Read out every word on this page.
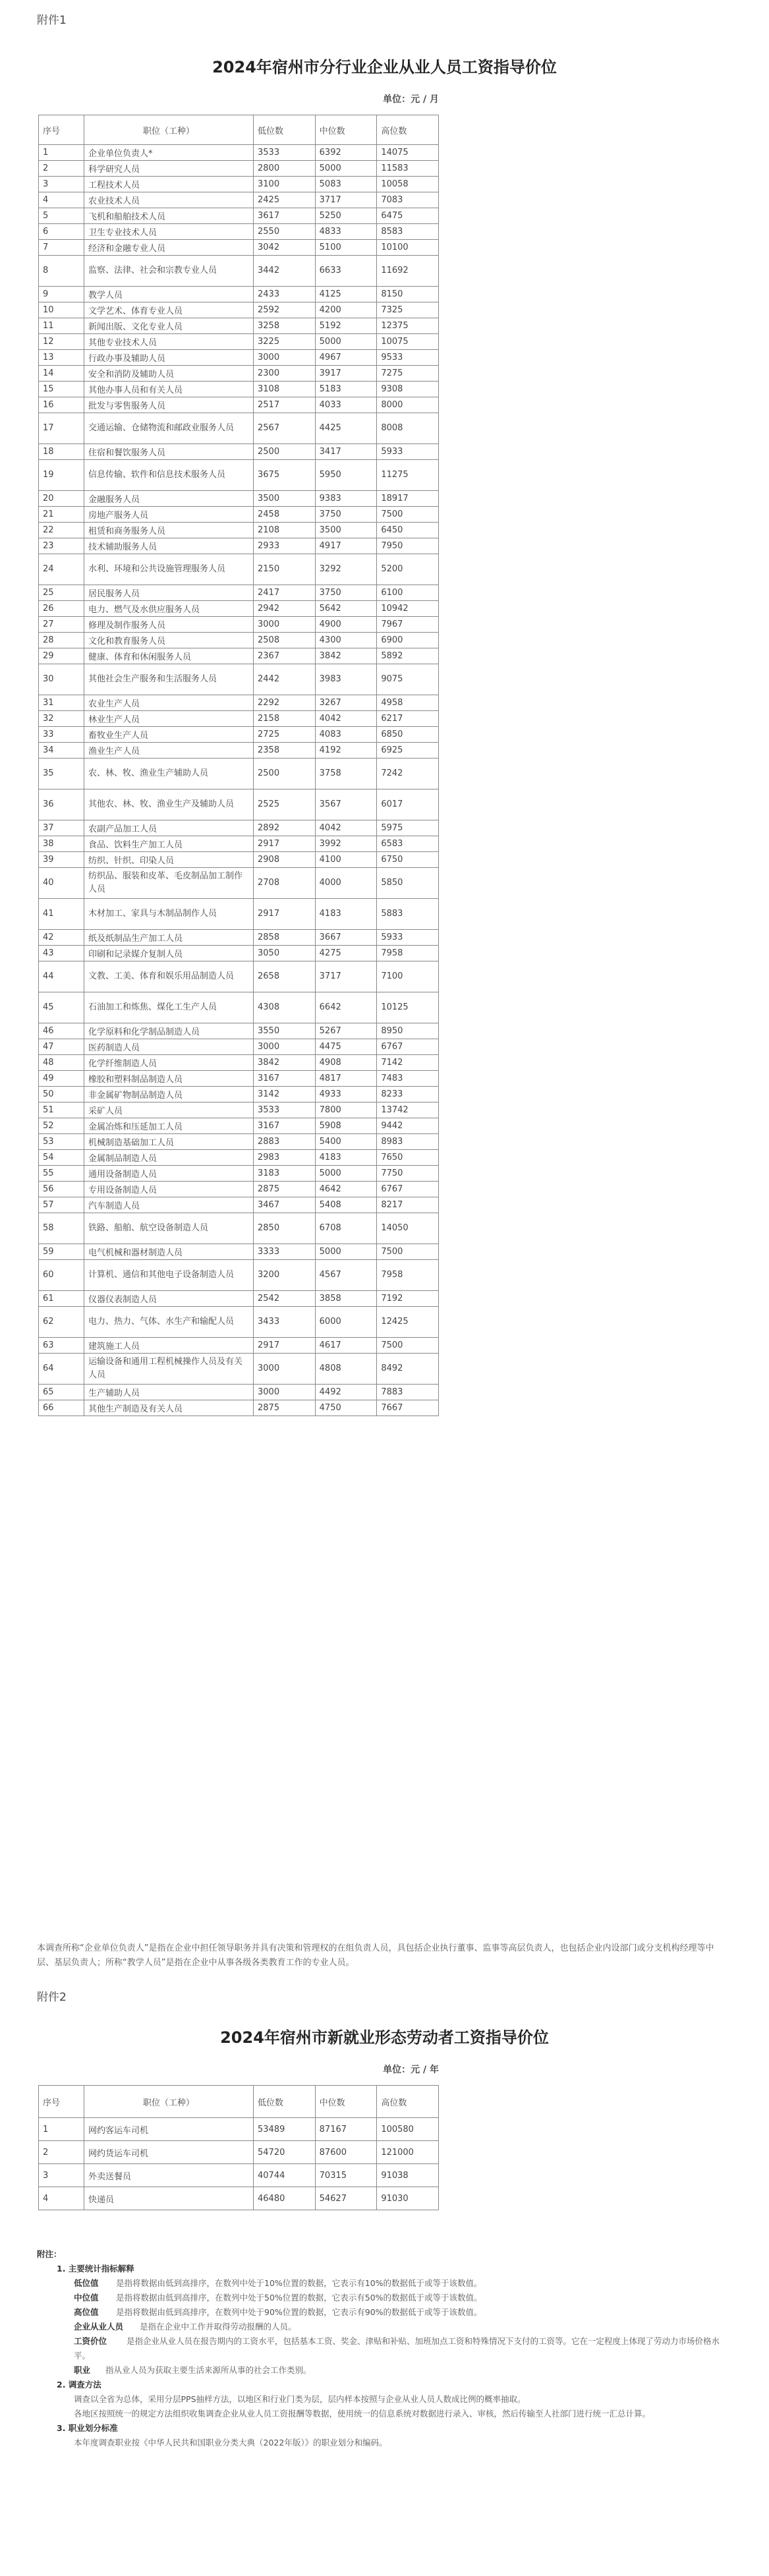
附件1
2024年宿州市分行业企业从业人员工资指导价位
单位：元 / 月
序号	职位（工种）	低位数	中位数	高位数
1	企业单位负责人*	3533	6392	14075
2	科学研究人员	2800	5000	11583
3	工程技术人员	3100	5083	10058
4	农业技术人员	2425	3717	7083
5	飞机和船舶技术人员	3617	5250	6475
6	卫生专业技术人员	2550	4833	8583
7	经济和金融专业人员	3042	5100	10100
8	监察、法律、社会和宗教专业人员	3442	6633	11692
9	教学人员	2433	4125	8150
10	文学艺术、体育专业人员	2592	4200	7325
11	新闻出版、文化专业人员	3258	5192	12375
12	其他专业技术人员	3225	5000	10075
13	行政办事及辅助人员	3000	4967	9533
14	安全和消防及辅助人员	2300	3917	7275
15	其他办事人员和有关人员	3108	5183	9308
16	批发与零售服务人员	2517	4033	8000
17	交通运输、仓储物流和邮政业服务人员	2567	4425	8008
18	住宿和餐饮服务人员	2500	3417	5933
19	信息传输、软件和信息技术服务人员	3675	5950	11275
20	金融服务人员	3500	9383	18917
21	房地产服务人员	2458	3750	7500
22	租赁和商务服务人员	2108	3500	6450
23	技术辅助服务人员	2933	4917	7950
24	水利、环境和公共设施管理服务人员	2150	3292	5200
25	居民服务人员	2417	3750	6100
26	电力、燃气及水供应服务人员	2942	5642	10942
27	修理及制作服务人员	3000	4900	7967
28	文化和教育服务人员	2508	4300	6900
29	健康、体育和休闲服务人员	2367	3842	5892
30	其他社会生产服务和生活服务人员	2442	3983	9075
31	农业生产人员	2292	3267	4958
32	林业生产人员	2158	4042	6217
33	畜牧业生产人员	2725	4083	6850
34	渔业生产人员	2358	4192	6925
35	农、林、牧、渔业生产辅助人员	2500	3758	7242
36	其他农、林、牧、渔业生产及辅助人员	2525	3567	6017
37	农副产品加工人员	2892	4042	5975
38	食品、饮料生产加工人员	2917	3992	6583
39	纺织、针织、印染人员	2908	4100	6750
40	纺织品、服装和皮革、毛皮制品加工制作人员	2708	4000	5850
41	木材加工、家具与木制品制作人员	2917	4183	5883
42	纸及纸制品生产加工人员	2858	3667	5933
43	印刷和记录媒介复制人员	3050	4275	7958
44	文教、工美、体育和娱乐用品制造人员	2658	3717	7100
45	石油加工和炼焦、煤化工生产人员	4308	6642	10125
46	化学原料和化学制品制造人员	3550	5267	8950
47	医药制造人员	3000	4475	6767
48	化学纤维制造人员	3842	4908	7142
49	橡胶和塑料制品制造人员	3167	4817	7483
50	非金属矿物制品制造人员	3142	4933	8233
51	采矿人员	3533	7800	13742
52	金属冶炼和压延加工人员	3167	5908	9442
53	机械制造基础加工人员	2883	5400	8983
54	金属制品制造人员	2983	4183	7650
55	通用设备制造人员	3183	5000	7750
56	专用设备制造人员	2875	4642	6767
57	汽车制造人员	3467	5408	8217
58	铁路、船舶、航空设备制造人员	2850	6708	14050
59	电气机械和器材制造人员	3333	5000	7500
60	计算机、通信和其他电子设备制造人员	3200	4567	7958
61	仪器仪表制造人员	2542	3858	7192
62	电力、热力、气体、水生产和输配人员	3433	6000	12425
63	建筑施工人员	2917	4617	7500
64	运输设备和通用工程机械操作人员及有关人员	3000	4808	8492
65	生产辅助人员	3000	4492	7883
66	其他生产制造及有关人员	2875	4750	7667
本调查所称“企业单位负责人”是指在企业中担任领导职务并具有决策和管理权的在组负责人员，具包括企业执行董事、监事等高层负责人，也包括企业内设部门或分支机构经理等中层、基层负责人；所称“教学人员”是指在企业中从事各级各类教育工作的专业人员。
附件2
2024年宿州市新就业形态劳动者工资指导价位
单位：元 / 年
序号	职位（工种）	低位数	中位数	高位数
1	网约客运车司机	53489	87167	100580
2	网约货运车司机	54720	87600	121000
3	外卖送餐员	40744	70315	91038
4	快递员	46480	54627	91030
附注：
1. 主要统计指标解释
低位值 是指将数据由低到高排序，在数列中处于10%位置的数据，它表示有10%的数据低于或等于该数值。
中位值 是指将数据由低到高排序，在数列中处于50%位置的数据，它表示有50%的数据低于或等于该数值。
高位值 是指将数据由低到高排序，在数列中处于90%位置的数据，它表示有90%的数据低于或等于该数值。
企业从业人员 是指在企业中工作并取得劳动报酬的人员。
工资价位 是指企业从业人员在报告期内的工资水平，包括基本工资、奖金、津贴和补贴、加班加点工资和特殊情况下支付的工资等。它在一定程度上体现了劳动力市场价格水平。
职业 指从业人员为获取主要生活来源所从事的社会工作类别。
2. 调查方法
调查以全省为总体，采用分层PPS抽样方法，以地区和行业门类为层，层内样本按照与企业从业人员人数成比例的概率抽取。
各地区按照统一的规定方法组织收集调查企业从业人员工资报酬等数据，使用统一的信息系统对数据进行录入、审核，然后传输至人社部门进行统一汇总计算。
3. 职业划分标准
本年度调查职业按《中华人民共和国职业分类大典（2022年版）》的职业划分和编码。
